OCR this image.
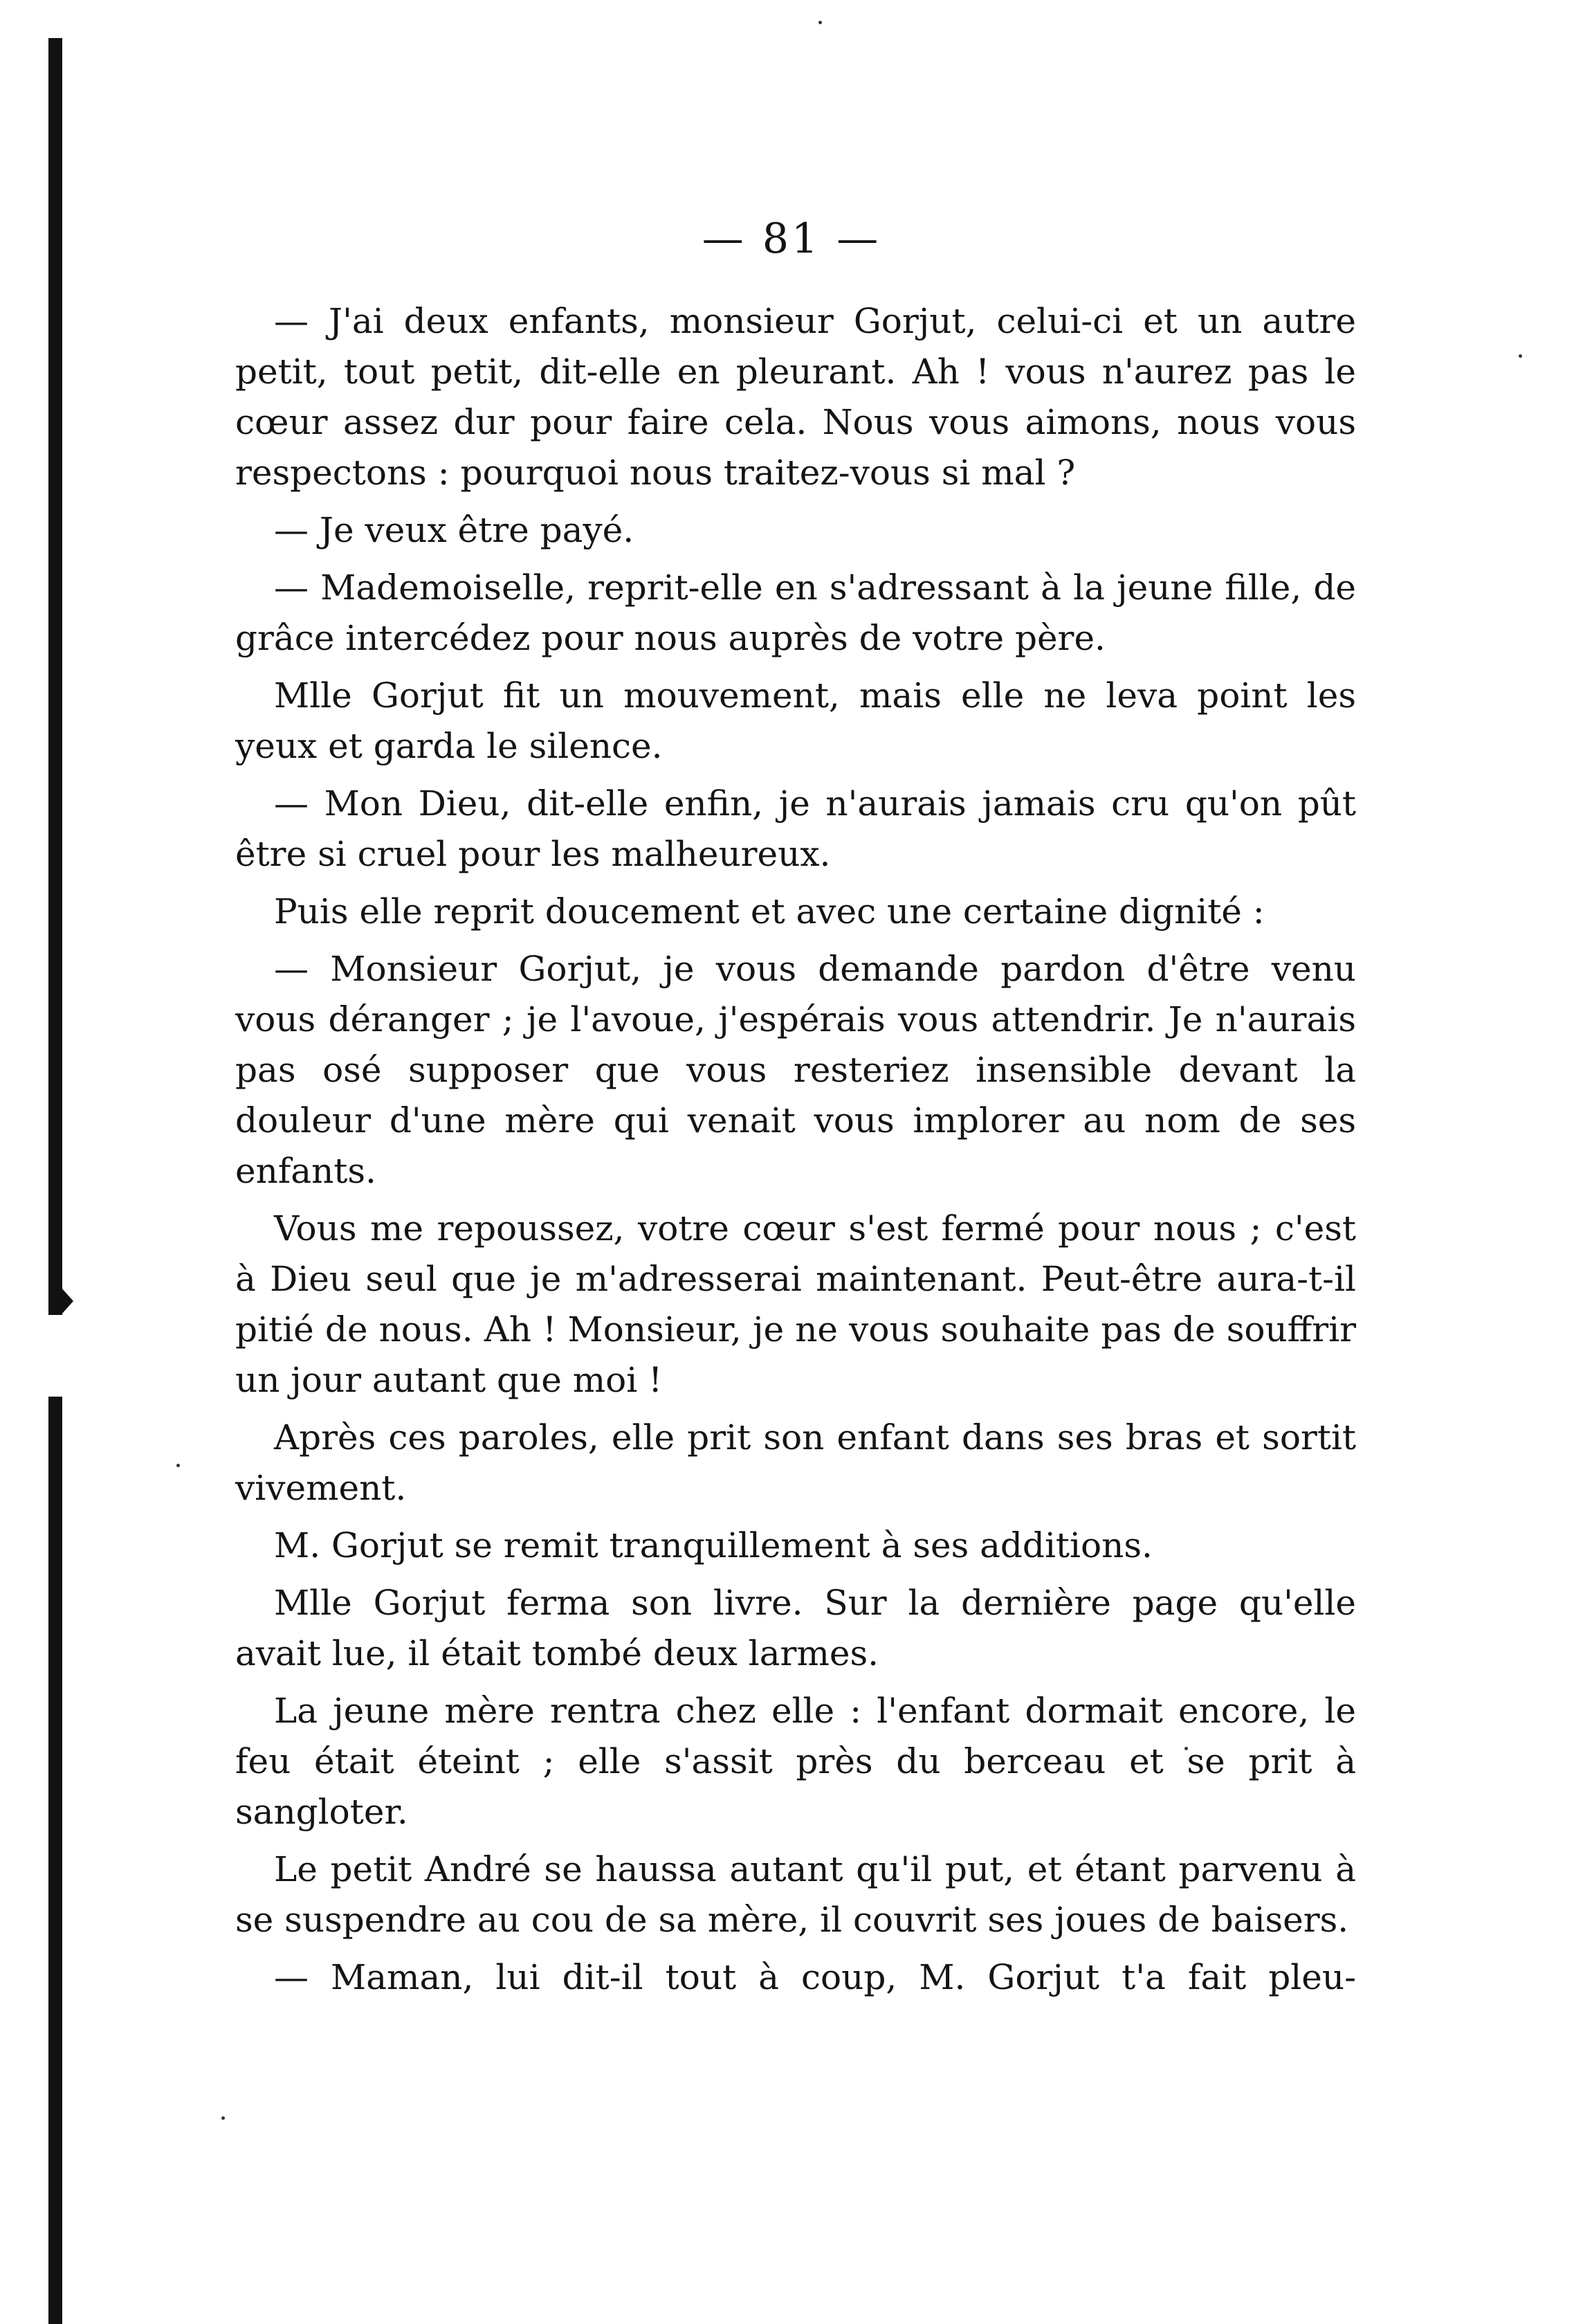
— 81 —

— J'ai deux enfants, monsieur Gorjut, celui-ci et un autre petit, tout petit, dit-elle en pleurant. Ah ! vous n'aurez pas le cœur assez dur pour faire cela. Nous vous aimons, nous vous respectons : pourquoi nous traitez-vous si mal ?

— Je veux être payé.

— Mademoiselle, reprit-elle en s'adressant à la jeune fille, de grâce intercédez pour nous auprès de votre père.

Mlle Gorjut fit un mouvement, mais elle ne leva point les yeux et garda le silence.

— Mon Dieu, dit-elle enfin, je n'aurais jamais cru qu'on pût être si cruel pour les malheureux.

Puis elle reprit doucement et avec une certaine dignité :

— Monsieur Gorjut, je vous demande pardon d'être venu vous déranger ; je l'avoue, j'espérais vous attendrir. Je n'aurais pas osé supposer que vous resteriez insensible devant la douleur d'une mère qui venait vous implorer au nom de ses enfants.

Vous me repoussez, votre cœur s'est fermé pour nous ; c'est à Dieu seul que je m'adresserai maintenant. Peut-être aura-t-il pitié de nous. Ah ! Monsieur, je ne vous souhaite pas de souffrir un jour autant que moi !

Après ces paroles, elle prit son enfant dans ses bras et sortit vivement.

M. Gorjut se remit tranquillement à ses additions.

Mlle Gorjut ferma son livre. Sur la dernière page qu'elle avait lue, il était tombé deux larmes.

La jeune mère rentra chez elle : l'enfant dormait encore, le feu était éteint ; elle s'assit près du berceau et se prit à sangloter.

Le petit André se haussa autant qu'il put, et étant parvenu à se suspendre au cou de sa mère, il couvrit ses joues de baisers.

— Maman, lui dit-il tout à coup, M. Gorjut t'a fait pleu-
